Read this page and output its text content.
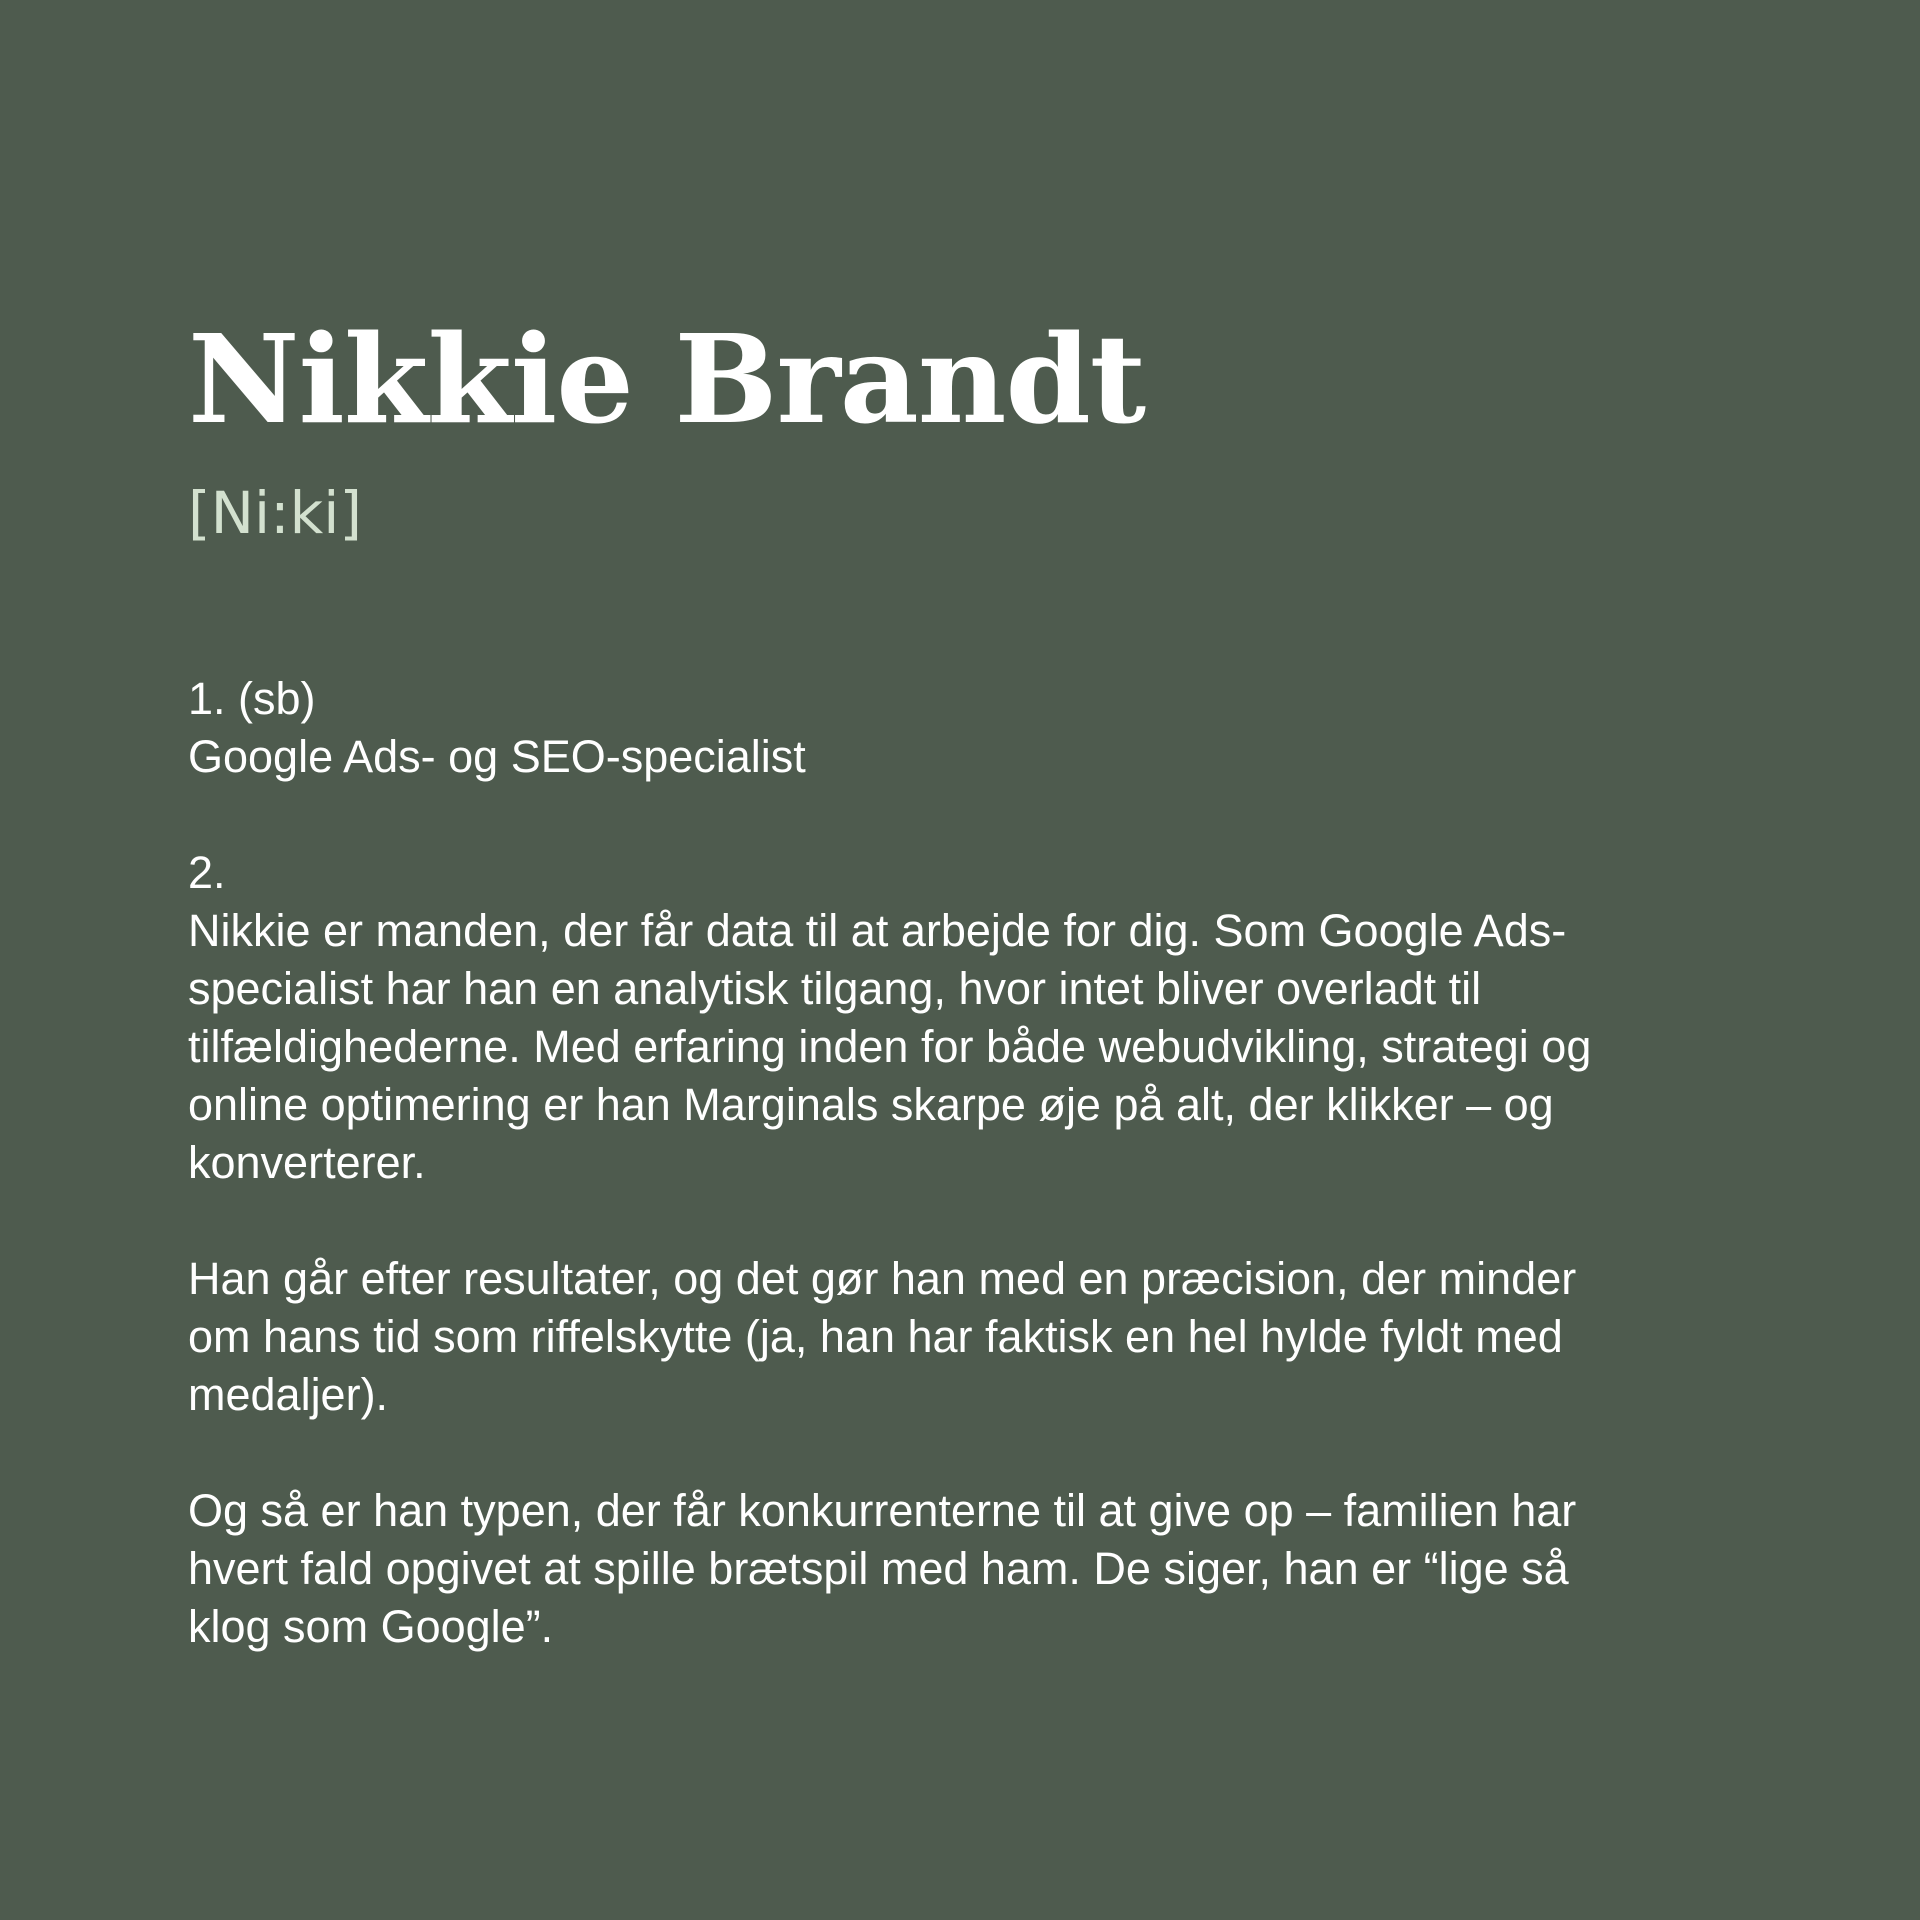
Nikkie Brandt
[Ni:ki]

1. (sb)

Google Ads- og SEO-specialist

2.

Nikkie er manden, der får data til at arbejde for dig. Som Google Ads-

specialist har han en analytisk tilgang, hvor intet bliver overladt til

tilfældighederne. Med erfaring inden for både webudvikling, strategi og

online optimering er han Marginals skarpe øje på alt, der klikker – og

konverterer.

Han går efter resultater, og det gør han med en præcision, der minder

om hans tid som riffelskytte (ja, han har faktisk en hel hylde fyldt med

medaljer).

Og så er han typen, der får konkurrenterne til at give op – familien har

hvert fald opgivet at spille brætspil med ham. De siger, han er “lige så

klog som Google”.
